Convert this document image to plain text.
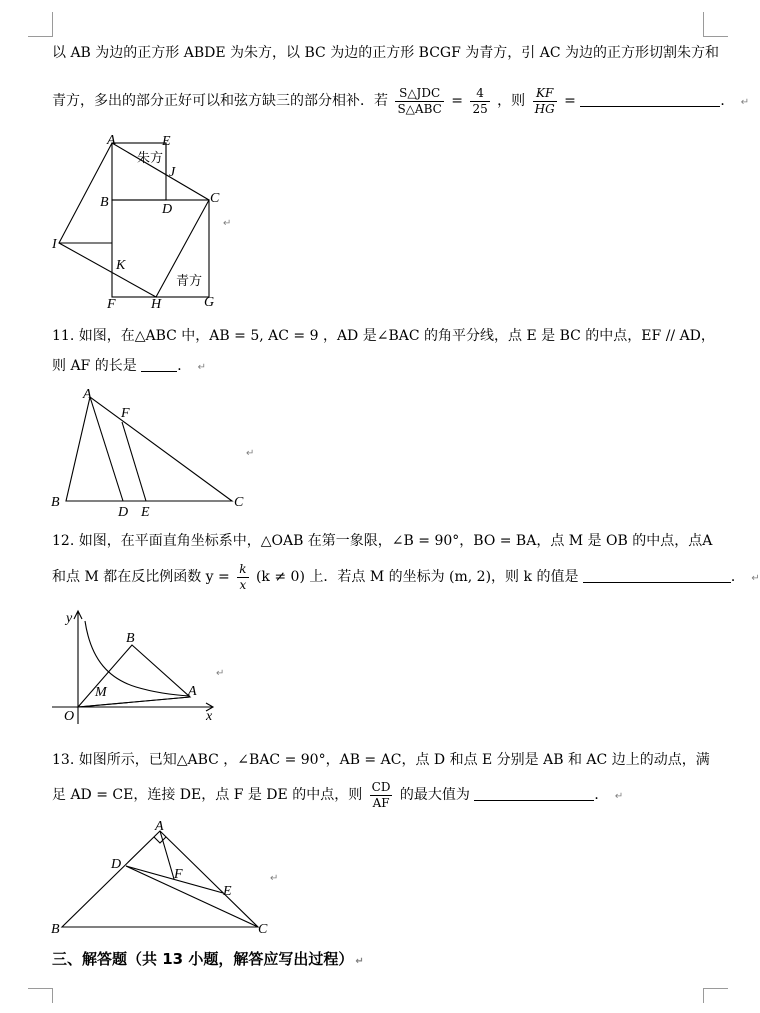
以 AB 为边的正方形 ABDE 为朱方，以 BC 为边的正方形 BCGF 为青方，引 AC 为边的正方形切割朱方和
青方，多出的部分正好可以和弦方缺三的部分相补．若 $\frac{\text{S△JDC}}{\text{S△ABC}} = \frac{4}{25}$ ，则 $\frac{KF}{HG}$ =	． ↵
A	E
J
B	D
C
I
K
F	H	G
朱方
青方
↵
11. 如图，在△ABC 中，AB = 5, AC = 9 ，AD 是∠BAC 的角平分线，点 E 是 BC 的中点，EF // AD，
则 AF 的长是	． ↵
A
F
B
D E
C
↵
12. 如图，在平面直角坐标系中，△OAB 在第一象限，∠B = 90°，BO = BA，点 M 是 OB 的中点，点A
和点 M 都在反比例函数 $y = \frac{k}{x} (k \ne 0)$ 上．若点 M 的坐标为 (m, 2)，则 k 的值是	． ↵
y
B
M	A
O	x
↵
13. 如图所示，已知△ABC ，∠BAC = 90°，AB = AC，点 D 和点 E 分别是 AB 和 AC 边上的动点，满
足 AD = CE，连接 DE，点 F 是 DE 的中点，则 $\frac{CD}{AF}$ 的最大值为	． ↵
A
D
F
E
B	C
↵
三、解答题（共 13 小题，解答应写出过程） ↵
